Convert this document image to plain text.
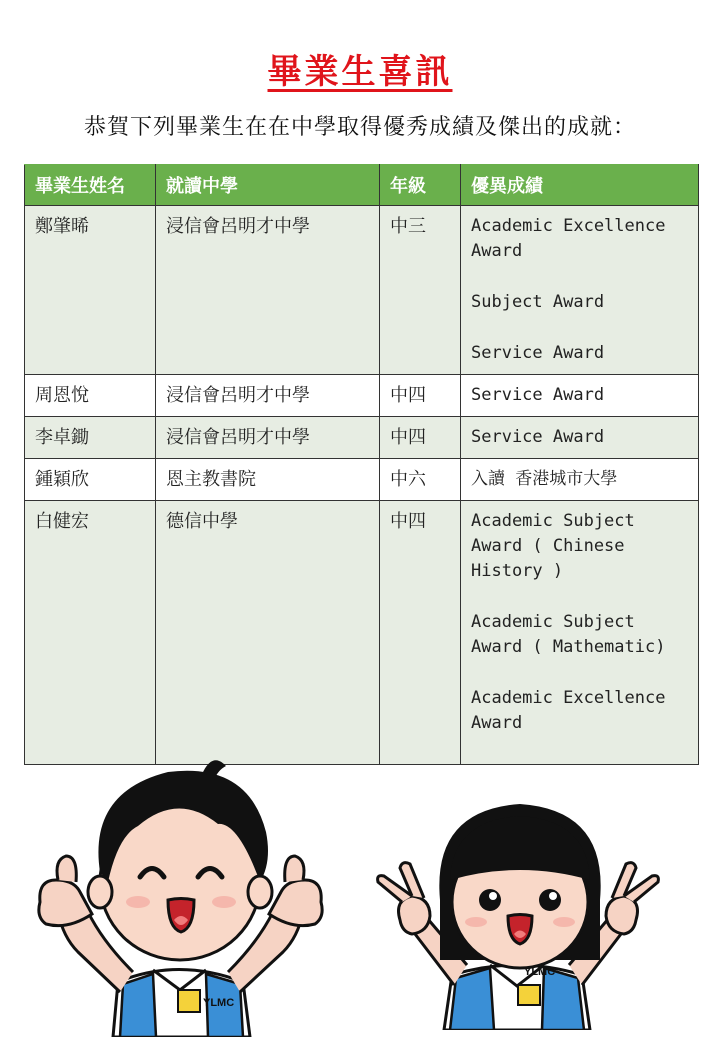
畢業生喜訊
恭賀下列畢業生在在中學取得優秀成績及傑出的成就：
畢業生姓名	就讀中學	年級	優異成績
鄭肇晞	浸信會呂明才中學	中三	Academic Excellence Award
Subject Award
Service Award

周恩悅	浸信會呂明才中學	中四	Service Award

李卓鋤	浸信會呂明才中學	中四	Service Award

鍾穎欣	恩主教書院	中六	入讀 香港城市大學

白健宏	德信中學	中四	Academic Subject Award ( Chinese History )
Academic Subject Award ( Mathematic)
Academic Excellence Award
YLMC
YLMC
